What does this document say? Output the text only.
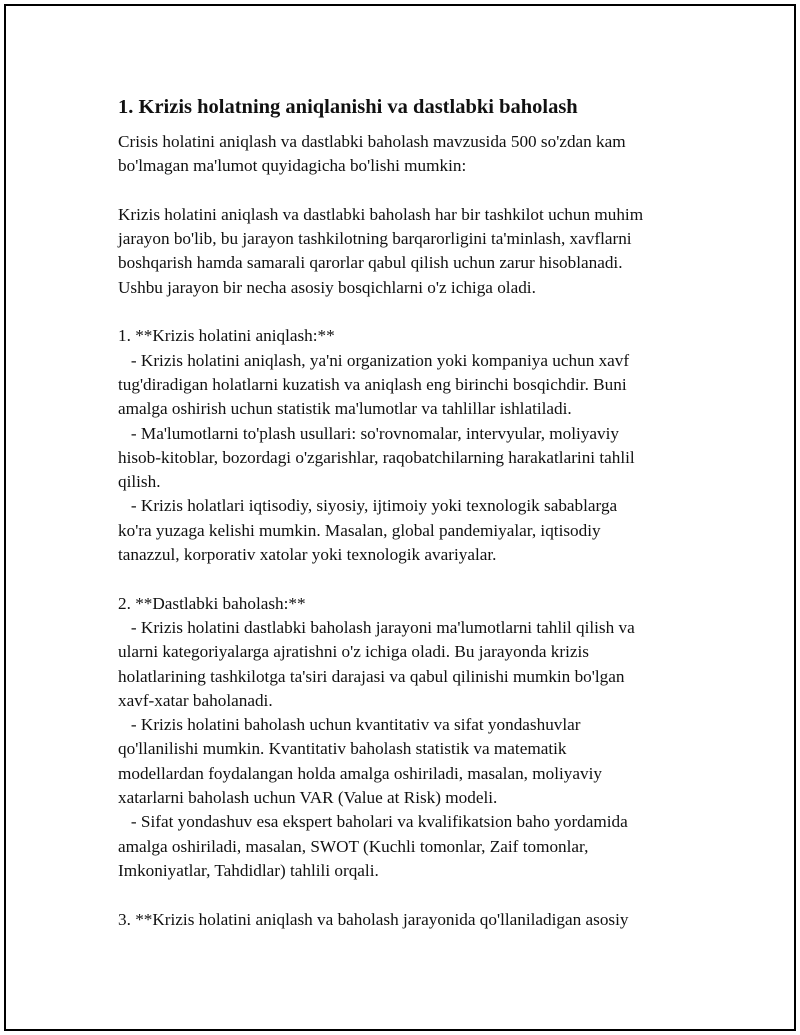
1. Krizis holatning aniqlanishi va dastlabki baholash
Crisis holatini aniqlash va dastlabki baholash mavzusida 500 so'zdan kam
bo'lmagan ma'lumot quyidagicha bo'lishi mumkin:
Krizis holatini aniqlash va dastlabki baholash har bir tashkilot uchun muhim
jarayon bo'lib, bu jarayon tashkilotning barqarorligini ta'minlash, xavflarni
boshqarish hamda samarali qarorlar qabul qilish uchun zarur hisoblanadi.
Ushbu jarayon bir necha asosiy bosqichlarni o'z ichiga oladi.
1. **Krizis holatini aniqlash:**
- Krizis holatini aniqlash, ya'ni organization yoki kompaniya uchun xavf
tug'diradigan holatlarni kuzatish va aniqlash eng birinchi bosqichdir. Buni
amalga oshirish uchun statistik ma'lumotlar va tahlillar ishlatiladi.
- Ma'lumotlarni to'plash usullari: so'rovnomalar, intervyular, moliyaviy
hisob-kitoblar, bozordagi o'zgarishlar, raqobatchilarning harakatlarini tahlil
qilish.
- Krizis holatlari iqtisodiy, siyosiy, ijtimoiy yoki texnologik sabablarga
ko'ra yuzaga kelishi mumkin. Masalan, global pandemiyalar, iqtisodiy
tanazzul, korporativ xatolar yoki texnologik avariyalar.
2. **Dastlabki baholash:**
- Krizis holatini dastlabki baholash jarayoni ma'lumotlarni tahlil qilish va
ularni kategoriyalarga ajratishni o'z ichiga oladi. Bu jarayonda krizis
holatlarining tashkilotga ta'siri darajasi va qabul qilinishi mumkin bo'lgan
xavf-xatar baholanadi.
- Krizis holatini baholash uchun kvantitativ va sifat yondashuvlar
qo'llanilishi mumkin. Kvantitativ baholash statistik va matematik
modellardan foydalangan holda amalga oshiriladi, masalan, moliyaviy
xatarlarni baholash uchun VAR (Value at Risk) modeli.
- Sifat yondashuv esa ekspert baholari va kvalifikatsion baho yordamida
amalga oshiriladi, masalan, SWOT (Kuchli tomonlar, Zaif tomonlar,
Imkoniyatlar, Tahdidlar) tahlili orqali.
3. **Krizis holatini aniqlash va baholash jarayonida qo'llaniladigan asosiy
